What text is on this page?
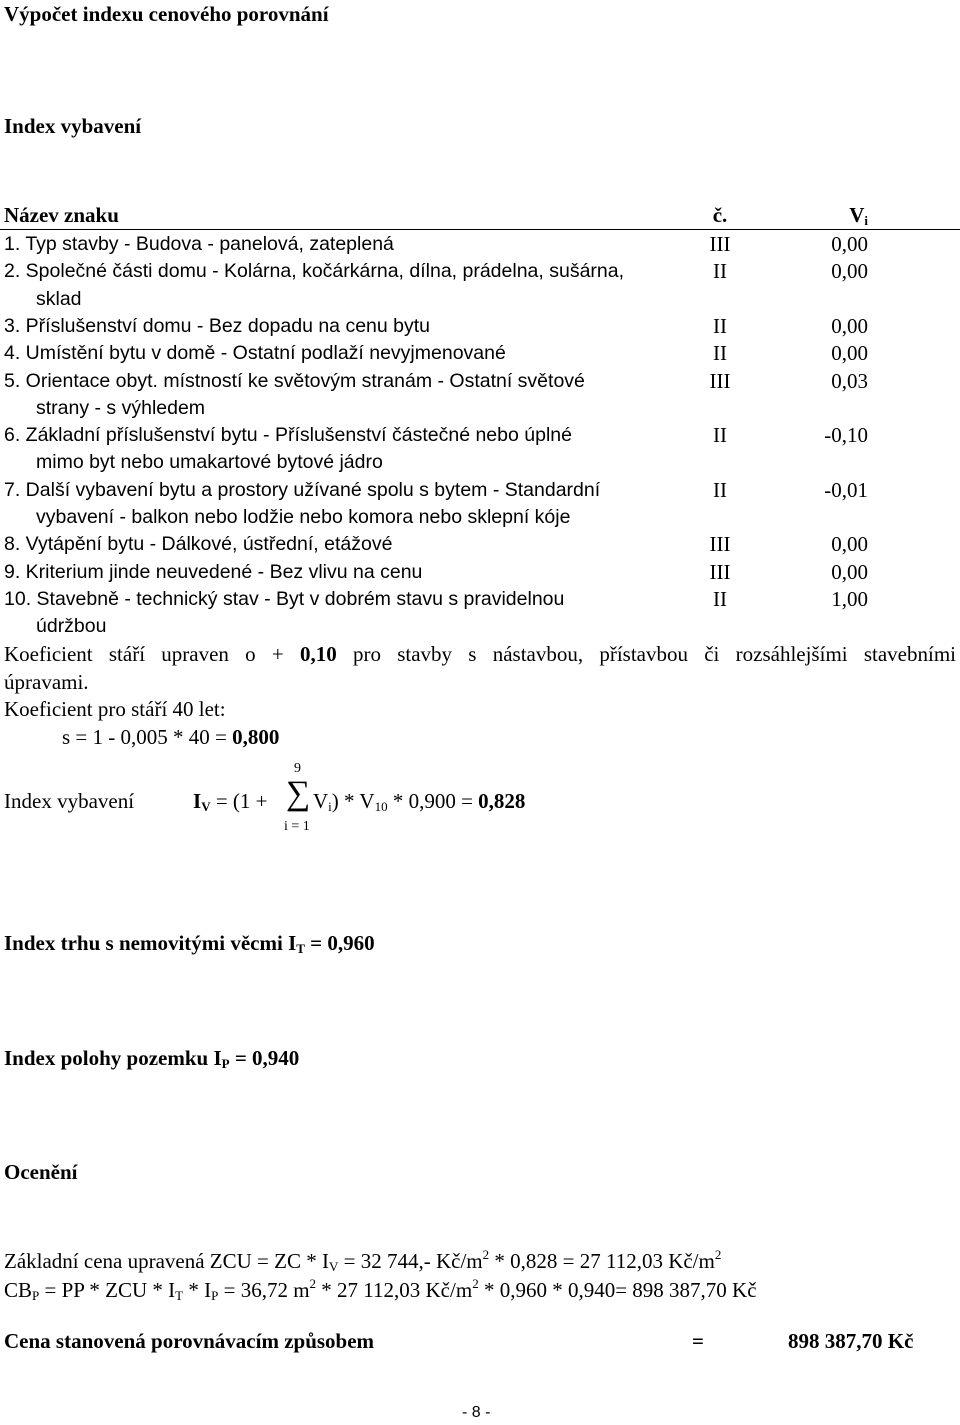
Výpočet indexu cenového porovnání
Index vybavení
Název znaku	č.	$V_i$
1. Typ stavby - Budova - panelová, zateplená	III	0,00
2. Společné části domu - Kolárna, kočárkárna, dílna, prádelna, sušárna,	II	0,00
sklad
3. Příslušenství domu - Bez dopadu na cenu bytu	II	0,00
4. Umístění bytu v domě - Ostatní podlaží nevyjmenované	II	0,00
5. Orientace obyt. místností ke světovým stranám - Ostatní světové	III	0,03
strany - s výhledem
6. Základní příslušenství bytu - Příslušenství částečné nebo úplné	II	-0,10
mimo byt nebo umakartové bytové jádro
7. Další vybavení bytu a prostory užívané spolu s bytem - Standardní	II	-0,01
vybavení - balkon nebo lodžie nebo komora nebo sklepní kóje
8. Vytápění bytu - Dálkové, ústřední, etážové	III	0,00
9. Kriterium jinde neuvedené - Bez vlivu na cenu	III	0,00
10. Stavebně - technický stav - Byt v dobrém stavu s pravidelnou	II	1,00
údržbou
Koeficient stáří upraven o + 0,10 pro stavby s nástavbou, přístavbou či rozsáhlejšími stavebními
úpravami.
Koeficient pro stáří 40 let:
s = 1 - 0,005 * 40 = 0,800
9
Index vybavení	$I_V = (1$ + ∑ $V_i) * V_{10} * 0,900 = 0,828$
i = 1
Index trhu s nemovitými věcmi $I_T = 0,960$
Index polohy pozemku $I_P = 0,940$
Ocenění
Základní cena upravená ZCU = ZC * $I_V = 32$ 744,- $Kč/m^2 * 0,828 = 27$ 112,03 $Kč/m^2$
$CB_P$ = PP * ZCU * $I_T * I_P = 36,72$ $m^2 * 27$ 112,03 $Kč/m^2 * 0,960 * 0,940= 898$ 387,70 Kč
Cena stanovená porovnávacím způsobem	=	898 387,70 Kč
- 8 -
